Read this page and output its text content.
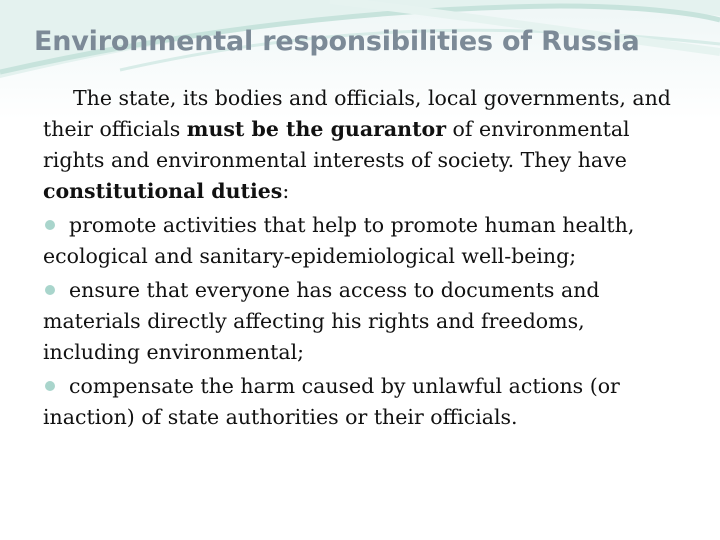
Environmental responsibilities of Russia

The state, its bodies and officials, local governments, and their officials must be the guarantor of environmental rights and environmental interests of society. They have constitutional duties:

promote activities that help to promote human health, ecological and sanitary-epidemiological well-being;

ensure that everyone has access to documents and materials directly affecting his rights and freedoms, including environmental;

compensate the harm caused by unlawful actions (or inaction) of state authorities or their officials.
